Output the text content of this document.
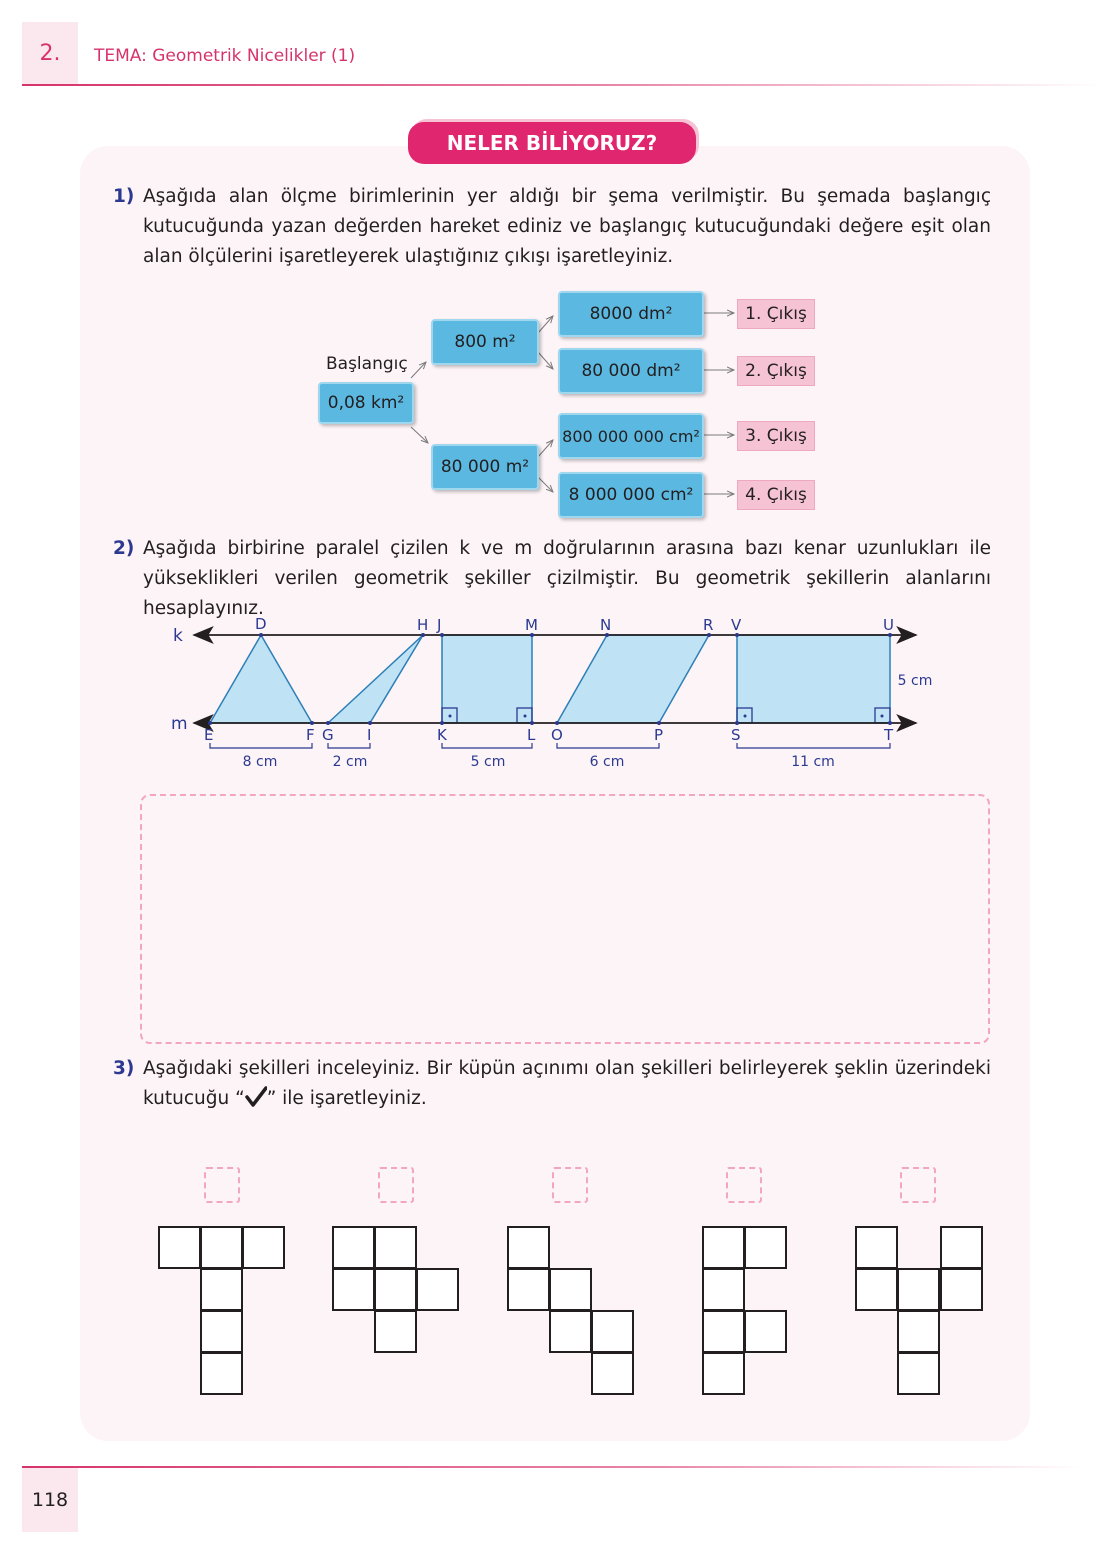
2.	TEMA: Geometrik Nicelikler (1)
NELER BİLİYORUZ?
1) Aşağıda alan ölçme birimlerinin yer aldığı bir şema verilmiştir. Bu şemada başlangıç kutucuğunda yazan değerden hareket ediniz ve başlangıç kutucuğundaki değere eşit olan alan ölçülerini işaretleyerek ulaştığınız çıkışı işaretleyiniz.

Başlangıç
0,08 km²
800 m²
80 000 m²
8000 dm²
80 000 dm²
800 000 000 cm²
8 000 000 cm²
1. Çıkış
2. Çıkış
3. Çıkış
4. Çıkış
2) Aşağıda birbirine paralel çizilen k ve m doğrularının arasına bazı kenar uzunlukları ile yükseklikleri verilen geometrik şekiller çizilmiştir. Bu geometrik şekillerin alanlarını hesaplayınız.

k
m
D	H J	M	N	R V	U
E	F G I	K	L O	P	S	T
8 cm	2 cm	5 cm	6 cm	11 cm
5 cm
3) Aşağıdaki şekilleri inceleyiniz. Bir küpün açınımı olan şekilleri belirleyerek şeklin üzerindeki kutucuğu “ ” ile işaretleyiniz.

118
